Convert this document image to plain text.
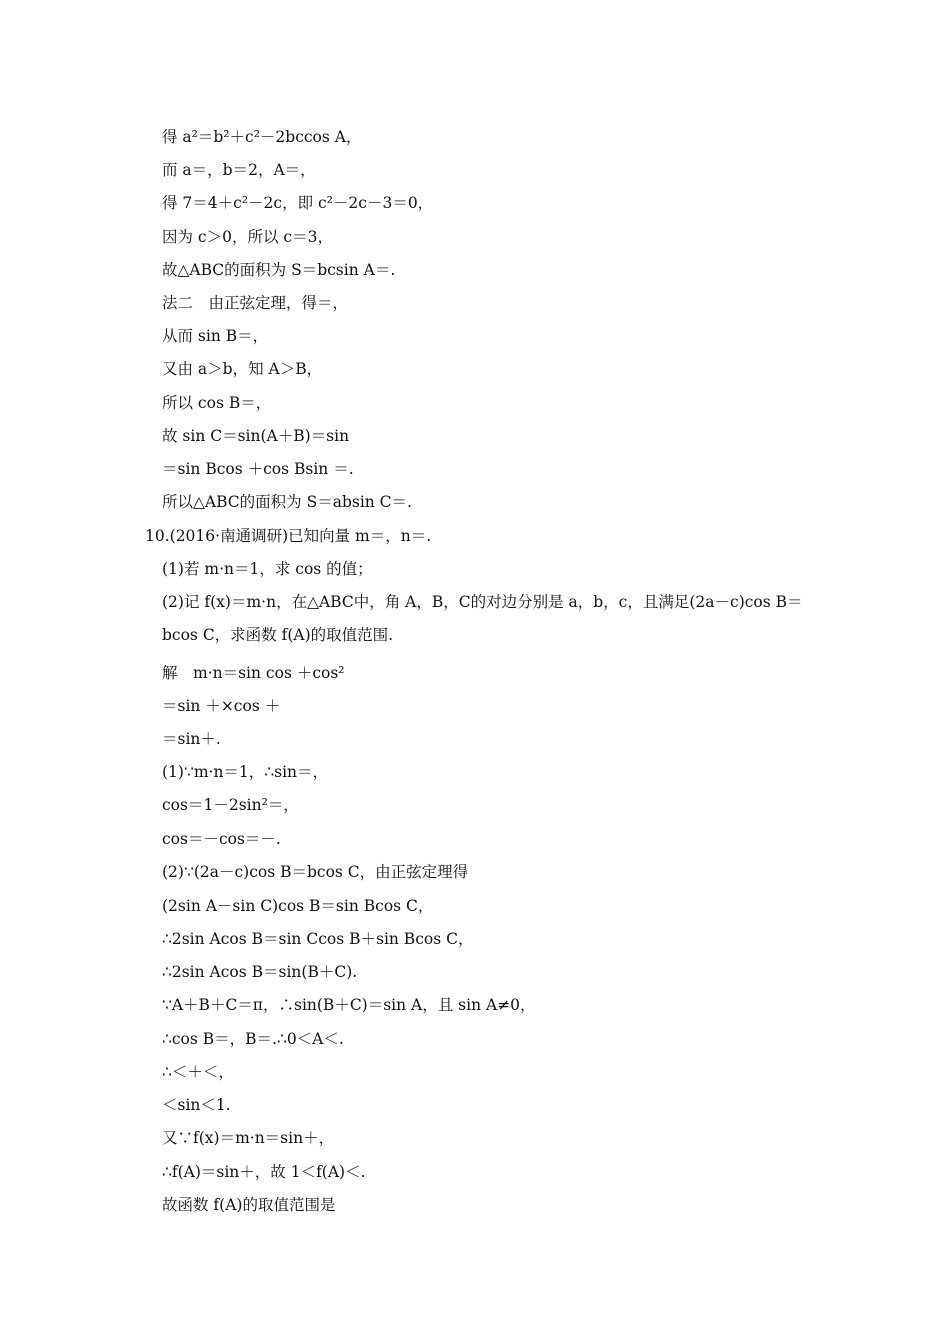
得 a²＝b²＋c²－2bccos A，
而 a＝，b＝2，A＝，
得 7＝4＋c²－2c，即 c²－2c－3＝0，
因为 c＞0，所以 c＝3，
故△ABC的面积为 S＝bcsin A＝.
法二　由正弦定理，得＝，
从而 sin B＝，
又由 a＞b，知 A＞B，
所以 cos B＝，
故 sin C＝sin(A＋B)＝sin
＝sin Bcos ＋cos Bsin ＝.
所以△ABC的面积为 S＝absin C＝.
10.(2016·南通调研)已知向量 m＝，n＝.
(1)若 m·n＝1，求 cos 的值；
(2)记 f(x)＝m·n，在△ABC中，角 A，B，C的对边分别是 a，b，c，且满足(2a－c)cos B＝
bcos C，求函数 f(A)的取值范围.
解　m·n＝sin cos ＋cos²
＝sin ＋×cos ＋
＝sin＋.
(1)∵m·n＝1，∴sin＝，
cos＝1－2sin²＝，
cos＝－cos＝－.
(2)∵(2a－c)cos B＝bcos C，由正弦定理得
(2sin A－sin C)cos B＝sin Bcos C，
∴2sin Acos B＝sin Ccos B＋sin Bcos C，
∴2sin Acos B＝sin(B＋C).
∵A＋B＋C＝π，∴sin(B＋C)＝sin A，且 sin A≠0，
∴cos B＝，B＝.∴0＜A＜.
∴＜＋＜，
＜sin＜1.
又∵f(x)＝m·n＝sin＋，
∴f(A)＝sin＋，故 1＜f(A)＜.
故函数 f(A)的取值范围是
